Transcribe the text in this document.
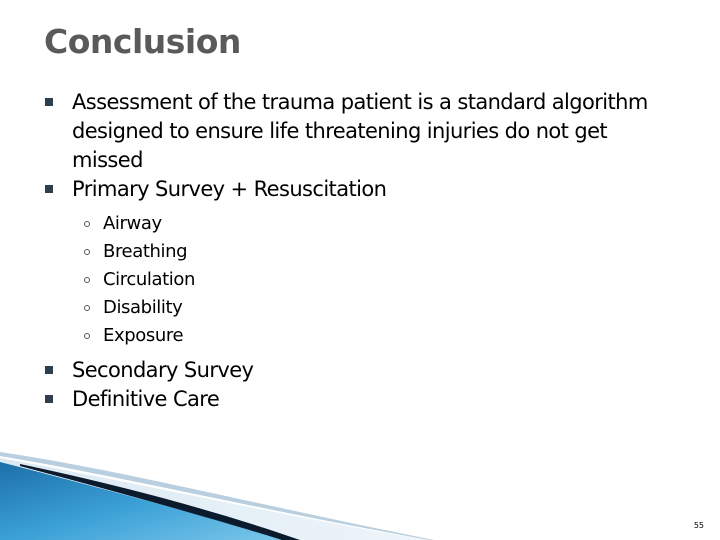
Conclusion

Assessment of the trauma patient is a standard algorithm designed to ensure life threatening injuries do not get missed

Primary Survey + Resuscitation

Airway

Breathing

Circulation

Disability

Exposure

Secondary Survey

Definitive Care

55
